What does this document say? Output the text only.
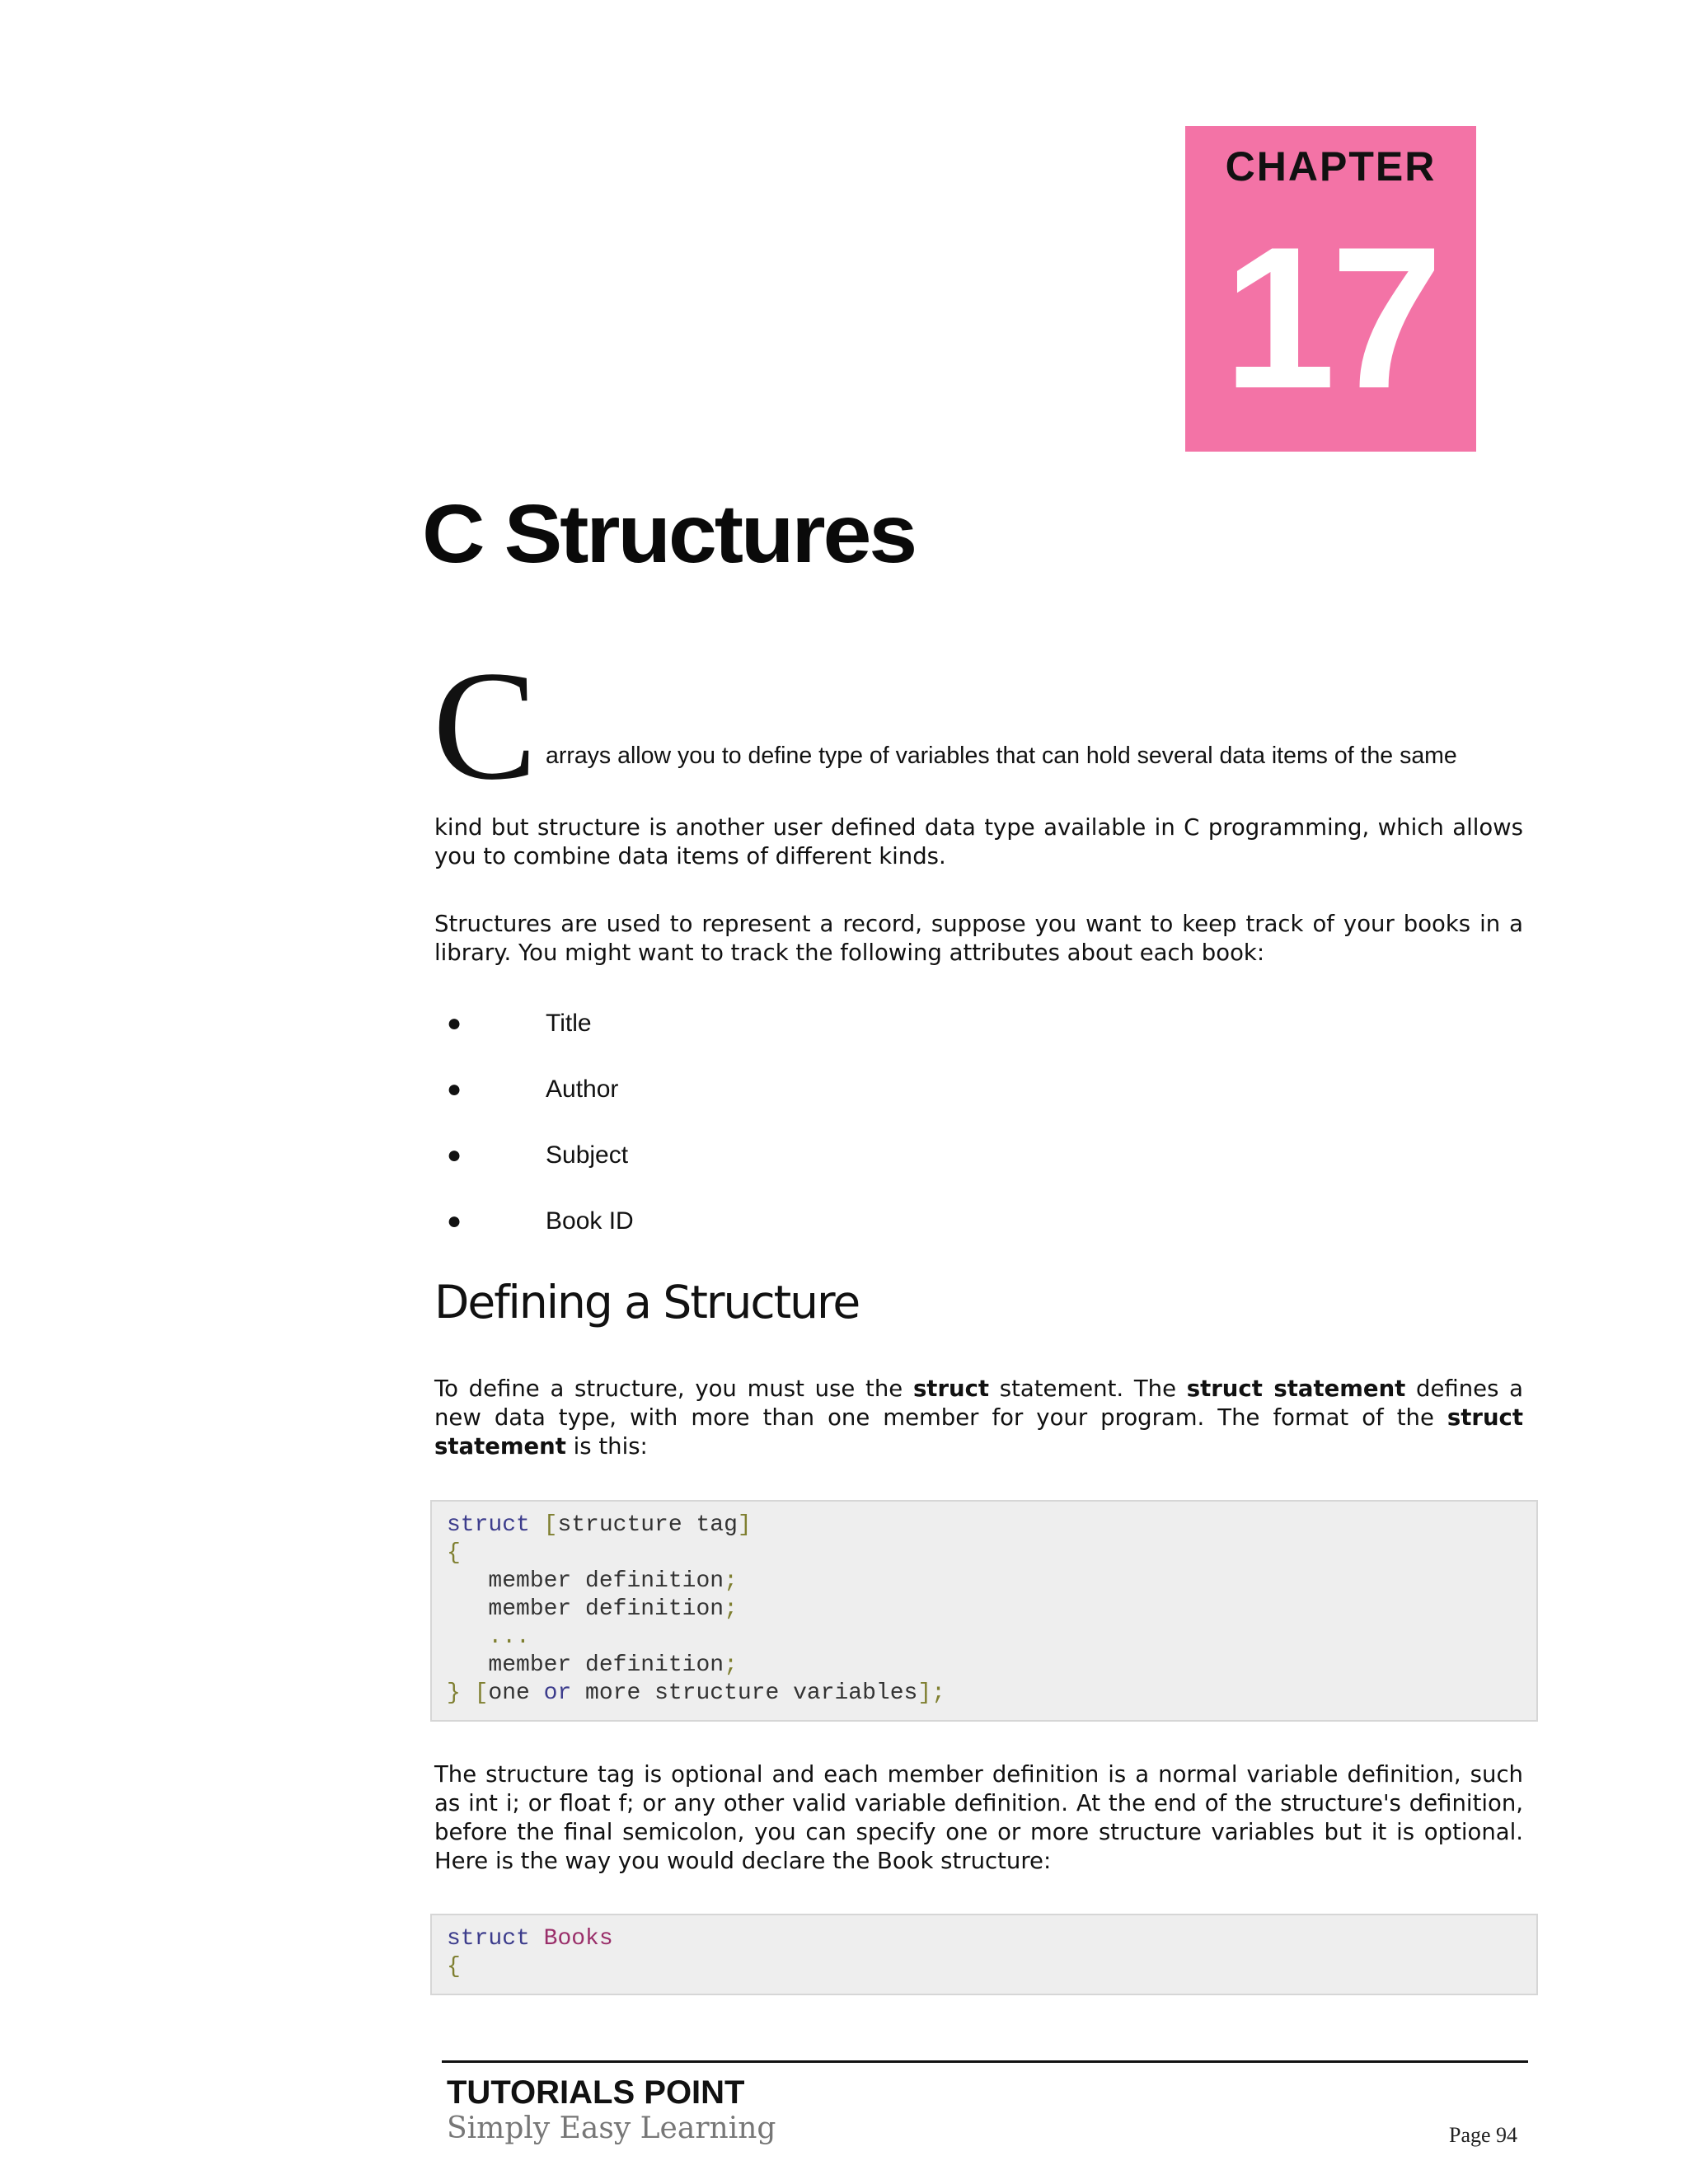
CHAPTER
17
C Structures
C arrays allow you to define type of variables that can hold several data items of the same
kind but structure is another user defined data type available in C programming, which allows you to combine data items of different kinds.
Structures are used to represent a record, suppose you want to keep track of your books in a library. You might want to track the following attributes about each book:
●	Title
●	Author
●	Subject
●	Book ID
Defining a Structure
To define a structure, you must use the struct statement. The struct statement defines a new data type, with more than one member for your program. The format of the struct statement is this:
struct [structure tag]
{
member definition;
member definition;
...
member definition;
} [one or more structure variables];
The structure tag is optional and each member definition is a normal variable definition, such as int i; or float f; or any other valid variable definition. At the end of the structure's definition, before the final semicolon, you can specify one or more structure variables but it is optional. Here is the way you would declare the Book structure:
struct Books
{
TUTORIALS POINT
Simply Easy Learning	Page 94
